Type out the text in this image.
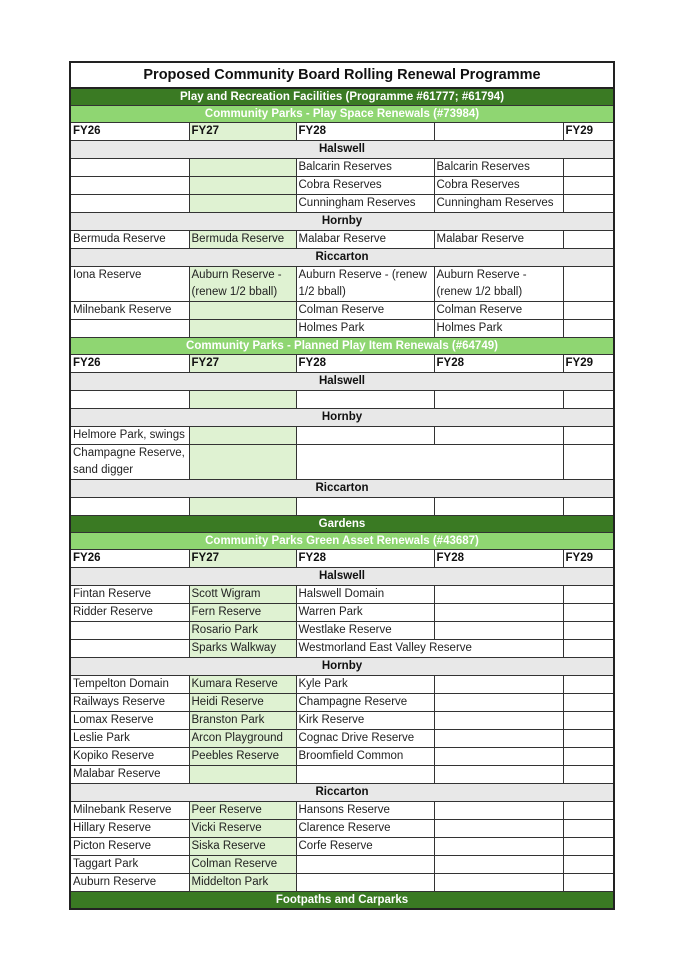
Proposed Community Board Rolling Renewal Programme				
Play and Recreation Facilities (Programme #61777; #61794)				
Community Parks - Play Space Renewals (#73984)				
FY26	FY27	FY28		FY29
Halswell				
		Balcarin Reserves	Balcarin Reserves	
		Cobra Reserves	Cobra Reserves	
		Cunningham Reserves	Cunningham Reserves	
Hornby				
Bermuda Reserve	Bermuda Reserve	Malabar Reserve	Malabar Reserve	
Riccarton				
Iona Reserve	Auburn Reserve - (renew 1/2 bball)	Auburn Reserve - (renew 1/2 bball)	Auburn Reserve - (renew 1/2 bball)	
Milnebank Reserve		Colman Reserve	Colman Reserve	
		Holmes Park	Holmes Park	
Community Parks - Planned Play Item Renewals (#64749)				
FY26	FY27	FY28	FY28	FY29
Halswell				

Hornby				
Helmore Park, swings				
Champagne Reserve, sand digger				
Riccarton				

Gardens				
Community Parks Green Asset Renewals (#43687)				
FY26	FY27	FY28	FY28	FY29
Halswell				
Fintan Reserve	Scott Wigram	Halswell Domain		
Ridder Reserve	Fern Reserve	Warren Park		
	Rosario Park	Westlake Reserve		
	Sparks Walkway	Westmorland East Valley Reserve		
Hornby				
Tempelton Domain	Kumara Reserve	Kyle Park		
Railways Reserve	Heidi Reserve	Champagne Reserve		
Lomax Reserve	Branston Park	Kirk Reserve		
Leslie Park	Arcon Playground	Cognac Drive Reserve		
Kopiko Reserve	Peebles Reserve	Broomfield Common		
Malabar Reserve				
Riccarton				
Milnebank Reserve	Peer Reserve	Hansons Reserve		
Hillary Reserve	Vicki Reserve	Clarence Reserve		
Picton Reserve	Siska Reserve	Corfe Reserve		
Taggart Park	Colman Reserve			
Auburn Reserve	Middelton Park			
Footpaths and Carparks				
